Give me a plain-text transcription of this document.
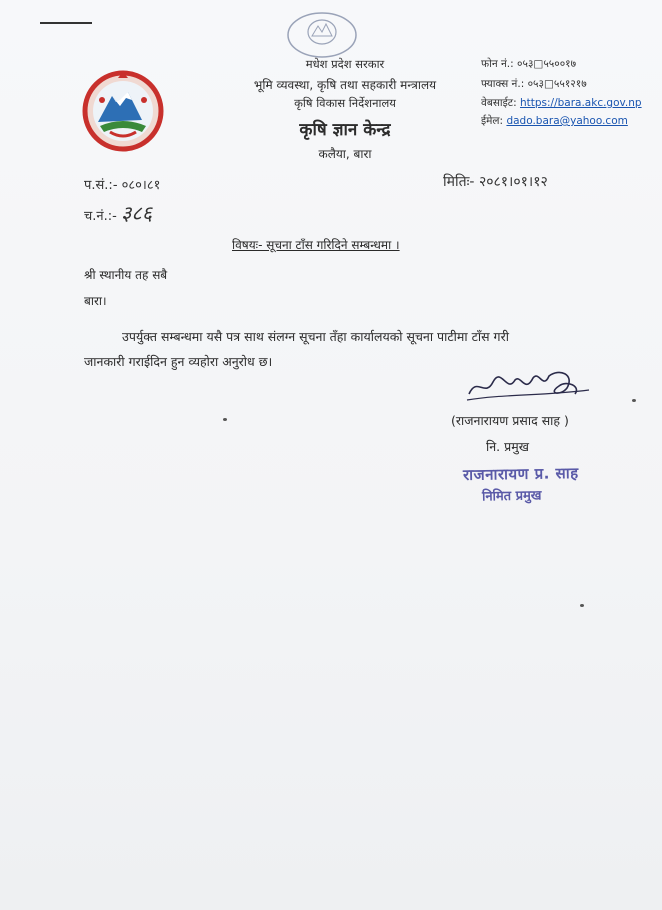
मधेश प्रदेश सरकार
भूमि व्यवस्था, कृषि तथा सहकारी मन्त्रालय
कृषि विकास निर्देशनालय
कृषि ज्ञान केन्द्र
कलैया, बारा
फोन नं.: ०५३□५५००१७
फ्याक्स नं.: ०५३□५५१२१७
वेबसाईट: https://bara.akc.gov.np
ईमेल: dado.bara@yahoo.com
प.सं.:- ०८०।८१
च.नं.:- ३८६
मितिः- २०८१।०१।१२
विषयः- सूचना टाँस गरिदिने सम्बन्धमा ।
श्री स्थानीय तह सबै
बारा।
उपर्युक्त सम्बन्धमा यसै पत्र साथ संलग्न सूचना तँहा कार्यालयको सूचना पाटीमा टाँस गरी
जानकारी गराईदिन हुन व्यहोरा अनुरोध छ।
(राजनारायण प्रसाद साह )
नि. प्रमुख
राजनारायण प्र. साह
निमित प्रमुख
